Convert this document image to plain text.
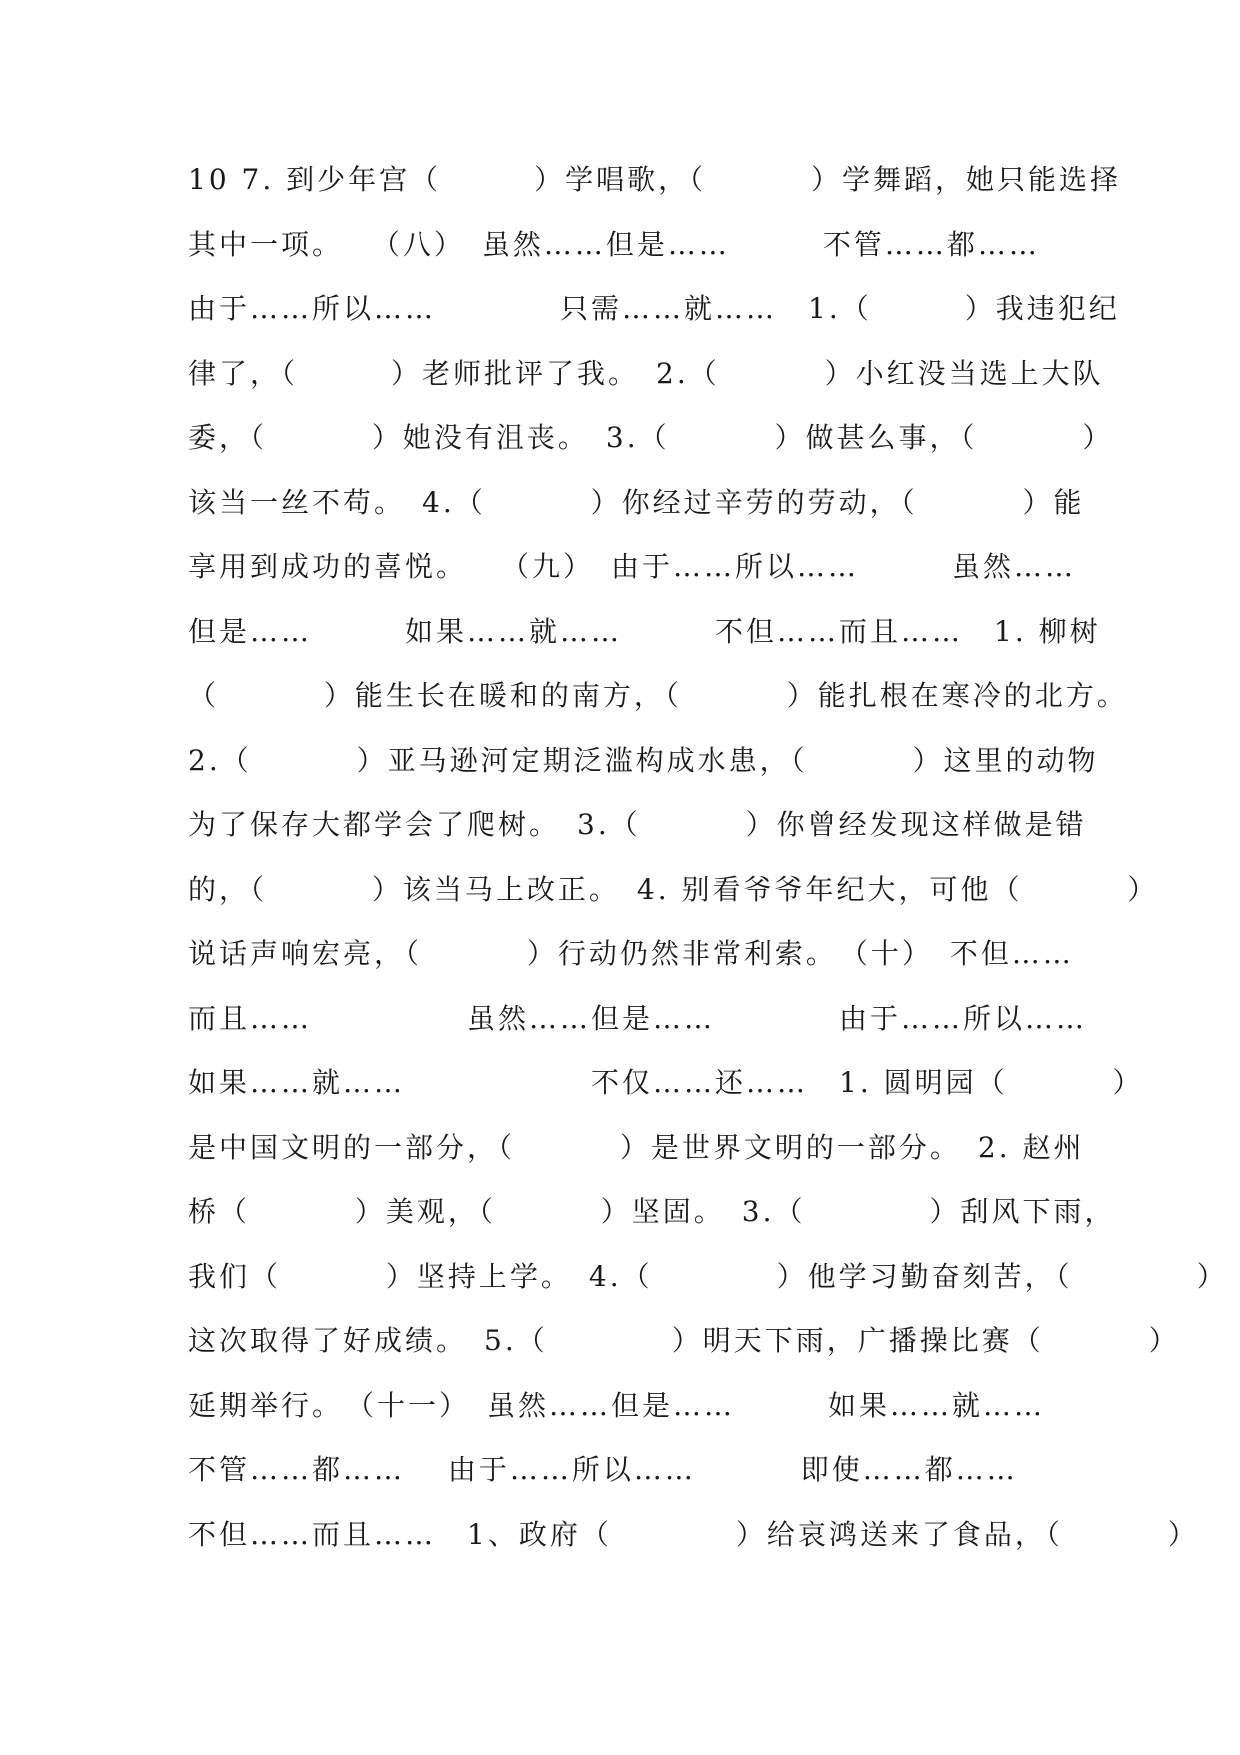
10 7. 到少年宫（　　　）学唱歌，（　　　 ）学舞蹈，她只能选择
其中一项。　 （八）　虽然……但是……　　　不管……都……
由于……所以……　　　　只需……就……　1.（　　　）我违犯纪
律了，（　　　）老师批评了我。　2.（　　　 ）小红没当选上大队
委，（　　　 ）她没有沮丧。　3.（　　　 ）做甚么事，（　　　 ）
该当一丝不苟。　4.（　　　 ）你经过辛劳的劳动，（　　　 ）能
享用到成功的喜悦。　　（九）　由于……所以……　　　虽然……
但是……　　　如果……就……　　　不但……而且……　1. 柳树
（　　　 ）能生长在暖和的南方，（　　　 ）能扎根在寒冷的北方。
2.（　　　 ）亚马逊河定期泛滥构成水患，（　　　 ）这里的动物
为了保存大都学会了爬树。　3.（　　　 ）你曾经发现这样做是错
的，（　　　 ）该当马上改正。　4. 别看爷爷年纪大，可他（　　　 ）
说话声响宏亮，（　　　 ）行动仍然非常利索。　（十）　不但……
而且……　　　　　虽然……但是……　　　　由于……所以……
如果……就……　　　　　　不仅……还……　1. 圆明园（　　　 ）
是中国文明的一部分，（　　　 ）是世界文明的一部分。　2. 赵州
桥（　　　 ）美观，（　　　 ）坚固。　3.（　　　　）刮风下雨，
我们（　　　 ）坚持上学。　4.（　　　　）他学习勤奋刻苦，（　　　　）
这次取得了好成绩。　5.（　　　　）明天下雨，广播操比赛（　　　 ）
延期举行。　（十一）　虽然……但是……　　　如果……就……
不管……都……　 由于……所以……　　　 即使……都……
不但……而且……　1、政府（　　　　）给哀鸿送来了食品，（　　　 ）
